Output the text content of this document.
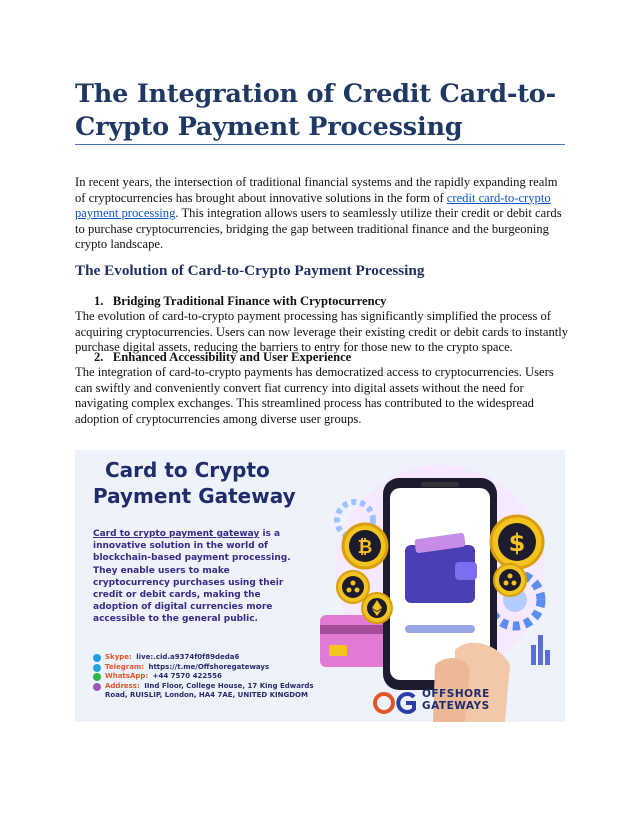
The Integration of Credit Card-to-
Crypto Payment Processing
In recent years, the intersection of traditional financial systems and the rapidly expanding realm of cryptocurrencies has brought about innovative solutions in the form of credit card-to-crypto payment processing. This integration allows users to seamlessly utilize their credit or debit cards to purchase cryptocurrencies, bridging the gap between traditional finance and the burgeoning crypto landscape.
The Evolution of Card-to-Crypto Payment Processing
1. Bridging Traditional Finance with Cryptocurrency
The evolution of card-to-crypto payment processing has significantly simplified the process of acquiring cryptocurrencies. Users can now leverage their existing credit or debit cards to instantly purchase digital assets, reducing the barriers to entry for those new to the crypto space.
2. Enhanced Accessibility and User Experience
The integration of card-to-crypto payments has democratized access to cryptocurrencies. Users can swiftly and conveniently convert fiat currency into digital assets without the need for navigating complex exchanges. This streamlined process has contributed to the widespread adoption of cryptocurrencies among diverse user groups.
Card to Crypto
Payment Gateway
Card to crypto payment gateway is a innovative solution in the world of blockchain-based payment processing. They enable users to make cryptocurrency purchases using their credit or debit cards, making the adoption of digital currencies more accessible to the general public.
Skype: live:.cid.a9374f0f89deda6
Telegram: https://t.me/Offshoregateways
WhatsApp: +44 7570 422556
Address: IInd Floor, College House, 17 King Edwards Road, RUISLIP, London, HA4 7AE, UNITED KINGDOM
₿	$
OFFSHORE
GATEWAYS
